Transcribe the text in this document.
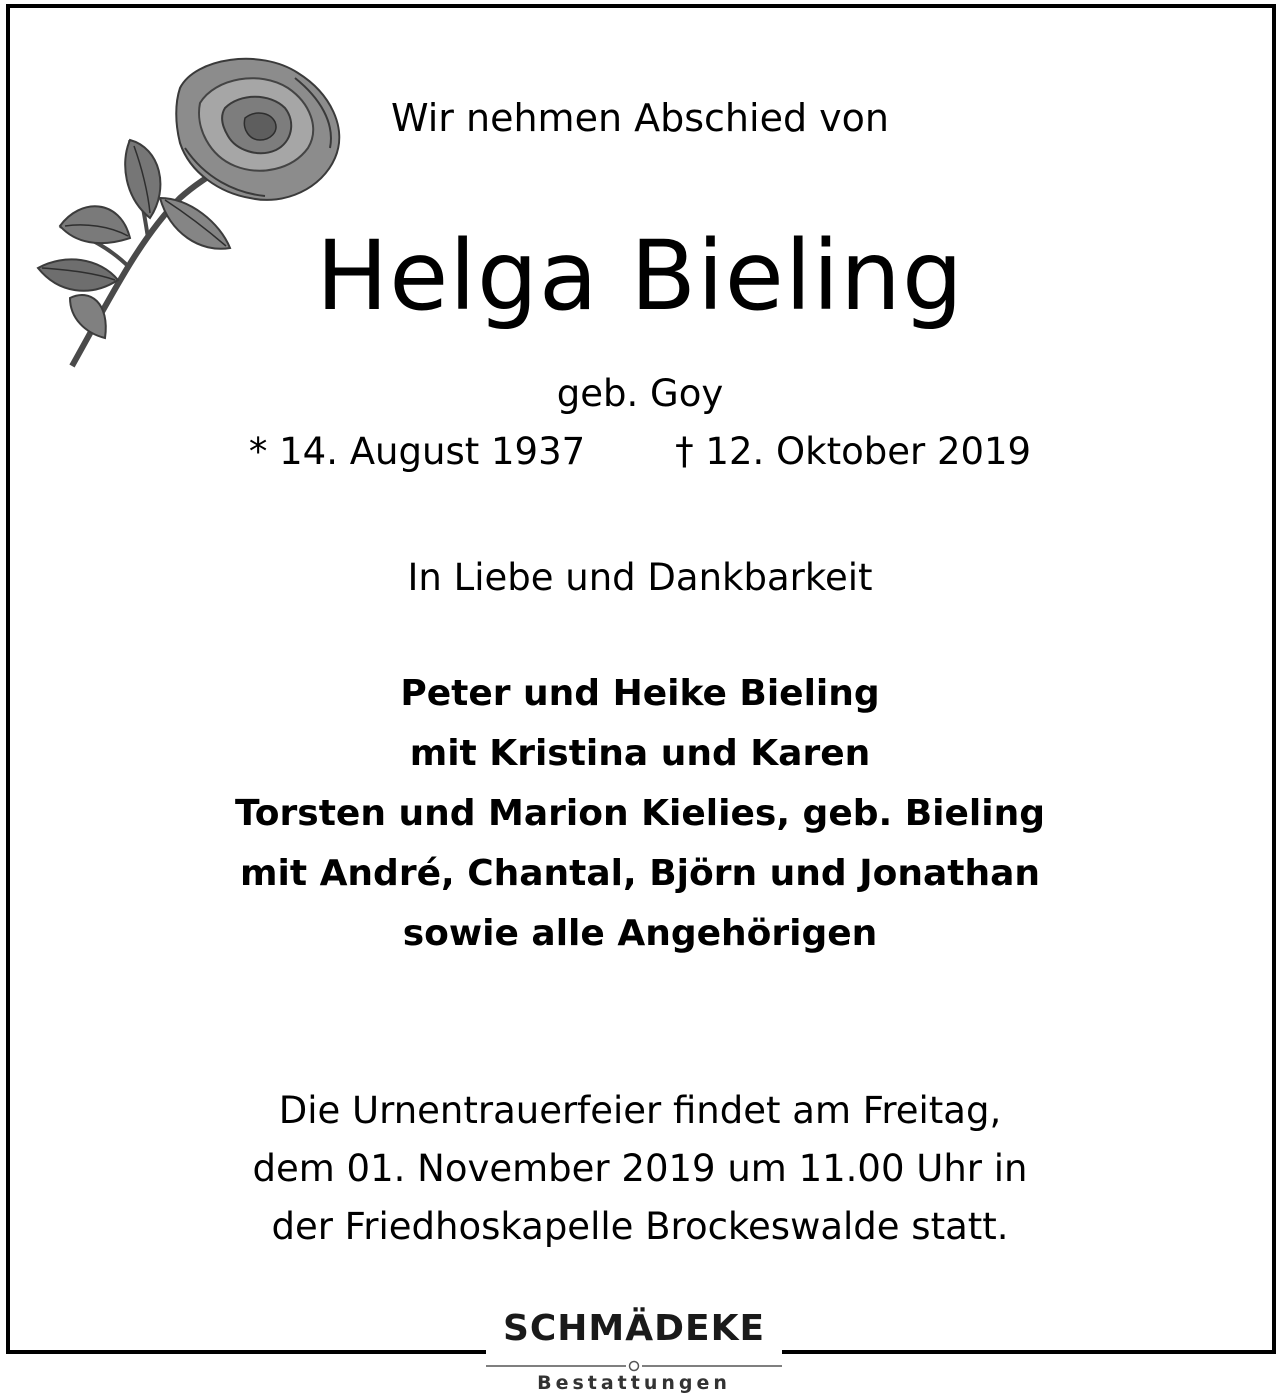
Wir nehmen Abschied von
Helga Bieling
geb. Goy
* 14. August 1937 † 12. Oktober 2019
In Liebe und Dankbarkeit
Peter und Heike Bieling
mit Kristina und Karen
Torsten und Marion Kielies, geb. Bieling
mit André, Chantal, Björn und Jonathan
sowie alle Angehörigen
Die Urnentrauerfeier findet am Freitag,
dem 01. November 2019 um 11.00 Uhr in
der Friedhoskapelle Brockeswalde statt.
SCHMÄDEKE
Bestattungen
